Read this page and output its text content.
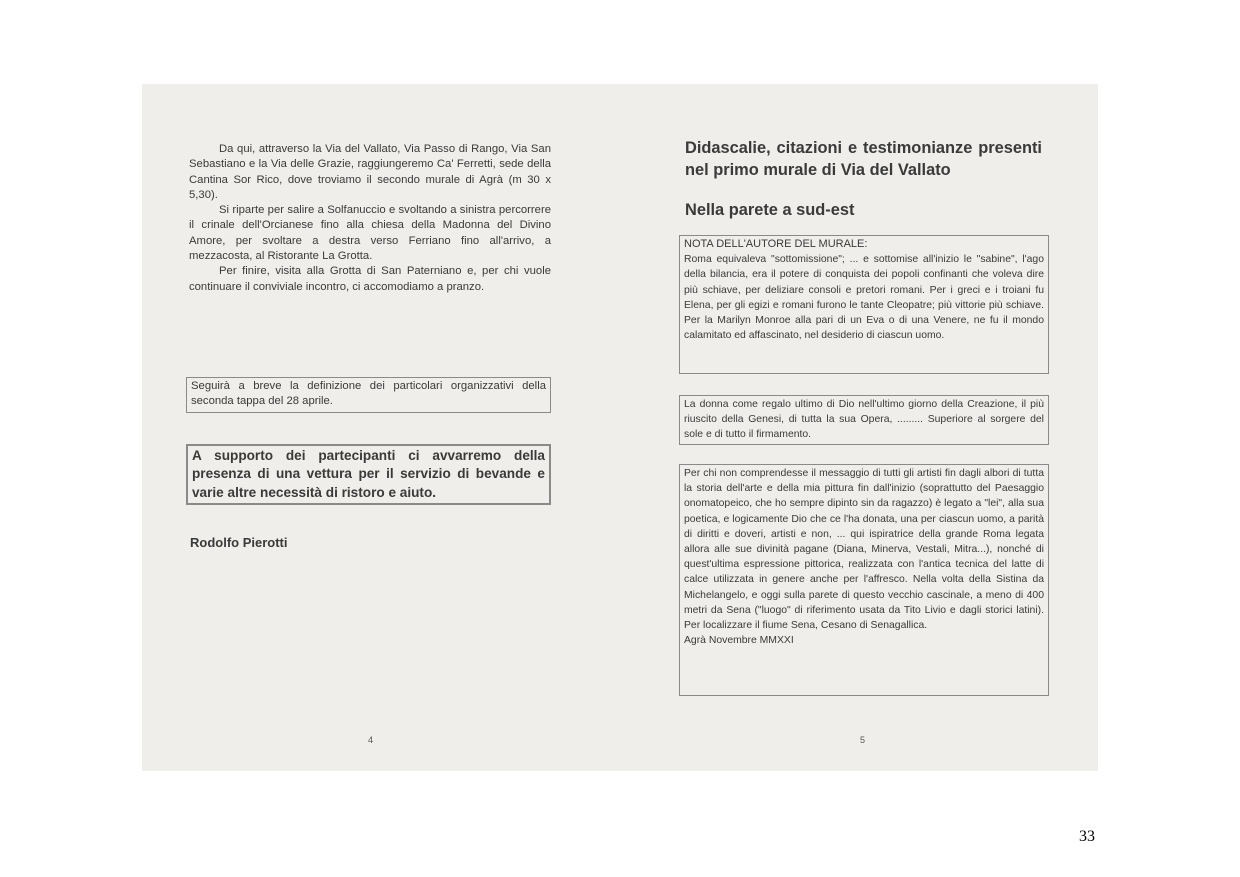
Da qui, attraverso la Via del Vallato, Via Passo di Rango, Via San Sebastiano e la Via delle Grazie, raggiungeremo Ca' Ferretti, sede della Cantina Sor Rico, dove troviamo il secondo murale di Agrà (m 30 x 5,30).

Si riparte per salire a Solfanuccio e svoltando a sinistra percorrere il crinale dell'Orcianese fino alla chiesa della Madonna del Divino Amore, per svoltare a destra verso Ferriano fino all'arrivo, a mezzacosta, al Ristorante La Grotta.

Per finire, visita alla Grotta di San Paterniano e, per chi vuole continuare il conviviale incontro, ci accomodiamo a pranzo.

Seguirà a breve la definizione dei particolari organizzativi della seconda tappa del 28 aprile.
A supporto dei partecipanti ci avvarremo della presenza di una vettura per il servizio di bevande e varie altre necessità di ristoro e aiuto.
Rodolfo Pierotti
4
Didascalie, citazioni e testimonianze presenti nel primo murale di Via del Vallato
Nella parete a sud-est
NOTA DELL'AUTORE DEL MURALE:
Roma equivaleva "sottomissione"; ... e sottomise all'inizio le "sabine", l'ago della bilancia, era il potere di conquista dei popoli confinanti che voleva dire più schiave, per deliziare consoli e pretori romani. Per i greci e i troiani fu Elena, per gli egizi e romani furono le tante Cleopatre; più vittorie più schiave. Per la Marilyn Monroe alla pari di un Eva o di una Venere, ne fu il mondo calamitato ed affascinato, nel desiderio di ciascun uomo.
La donna come regalo ultimo di Dio nell'ultimo giorno della Creazione, il più riuscito della Genesi, di tutta la sua Opera, ......... Superiore al sorgere del sole e di tutto il firmamento.
Per chi non comprendesse il messaggio di tutti gli artisti fin dagli albori di tutta la storia dell'arte e della mia pittura fin dall'inizio (soprattutto del Paesaggio onomatopeico, che ho sempre dipinto sin da ragazzo) è legato a "lei", alla sua poetica, e logicamente Dio che ce l'ha donata, una per ciascun uomo, a parità di diritti e doveri, artisti e non, ... qui ispiratrice della grande Roma legata allora alle sue divinità pagane (Diana, Minerva, Vestali, Mitra...), nonché di quest'ultima espressione pittorica, realizzata con l'antica tecnica del latte di calce utilizzata in genere anche per l'affresco. Nella volta della Sistina da Michelangelo, e oggi sulla parete di questo vecchio cascinale, a meno di 400 metri da Sena ("luogo" di riferimento usata da Tito Livio e dagli storici latini). Per localizzare il fiume Sena, Cesano di Senagallica.
Agrà Novembre MMXXI
5
33
